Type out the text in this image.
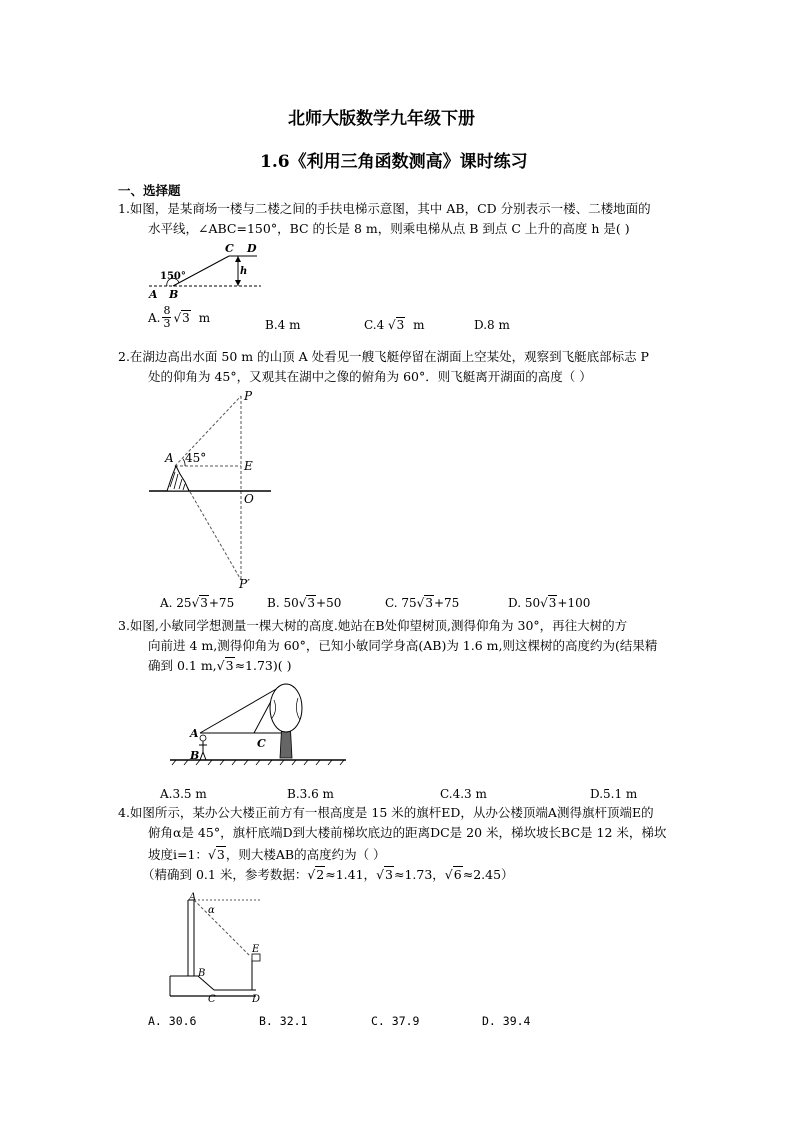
北师大版数学九年级下册
1.6《利用三角函数测高》课时练习
一、选择题
1.如图，是某商场一楼与二楼之间的手扶电梯示意图，其中 AB，CD 分别表示一楼、二楼地面的
水平线，∠ABC=150°，BC 的长是 8 m，则乘电梯从点 B 到点 C 上升的高度 h 是( )
150°
A B
C D
h
A. $\frac{8}{3} √3$ m
B.4 m	C.4 √3 m	D.8 m
2.在湖边高出水面 50 m 的山顶 A 处看见一艘飞艇停留在湖面上空某处，观察到飞艇底部标志 P
处的仰角为 45°，又观其在湖中之像的俯角为 60°．则飞艇离开湖面的高度（ ）
P
A 45°
E
O
P′
A. 25√3+75	B. 50√3+50	C. 75√3+75	D. 50√3+100
3.如图,小敏同学想测量一棵大树的高度.她站在B处仰望树顶,测得仰角为 30°，再往大树的方
向前进 4 m,测得仰角为 60°，已知小敏同学身高(AB)为 1.6 m,则这棵树的高度约为(结果精
确到 0.1 m,√3≈1.73)( )
A
B
C
A.3.5 m	B.3.6 m	C.4.3 m	D.5.1 m
4.如图所示，某办公大楼正前方有一根高度是 15 米的旗杆ED，从办公楼顶端A测得旗杆顶端E的
俯角α是 45°，旗杆底端D到大楼前梯坎底边的距离DC是 20 米，梯坎坡长BC是 12 米，梯坎
坡度i=1：√3，则大楼AB的高度约为（ ）
（精确到 0.1 米，参考数据：√2≈1.41，√3≈1.73，√6≈2.45）
A
α
B
C	D
E
A. 30.6	B. 32.1	C. 37.9	D. 39.4
